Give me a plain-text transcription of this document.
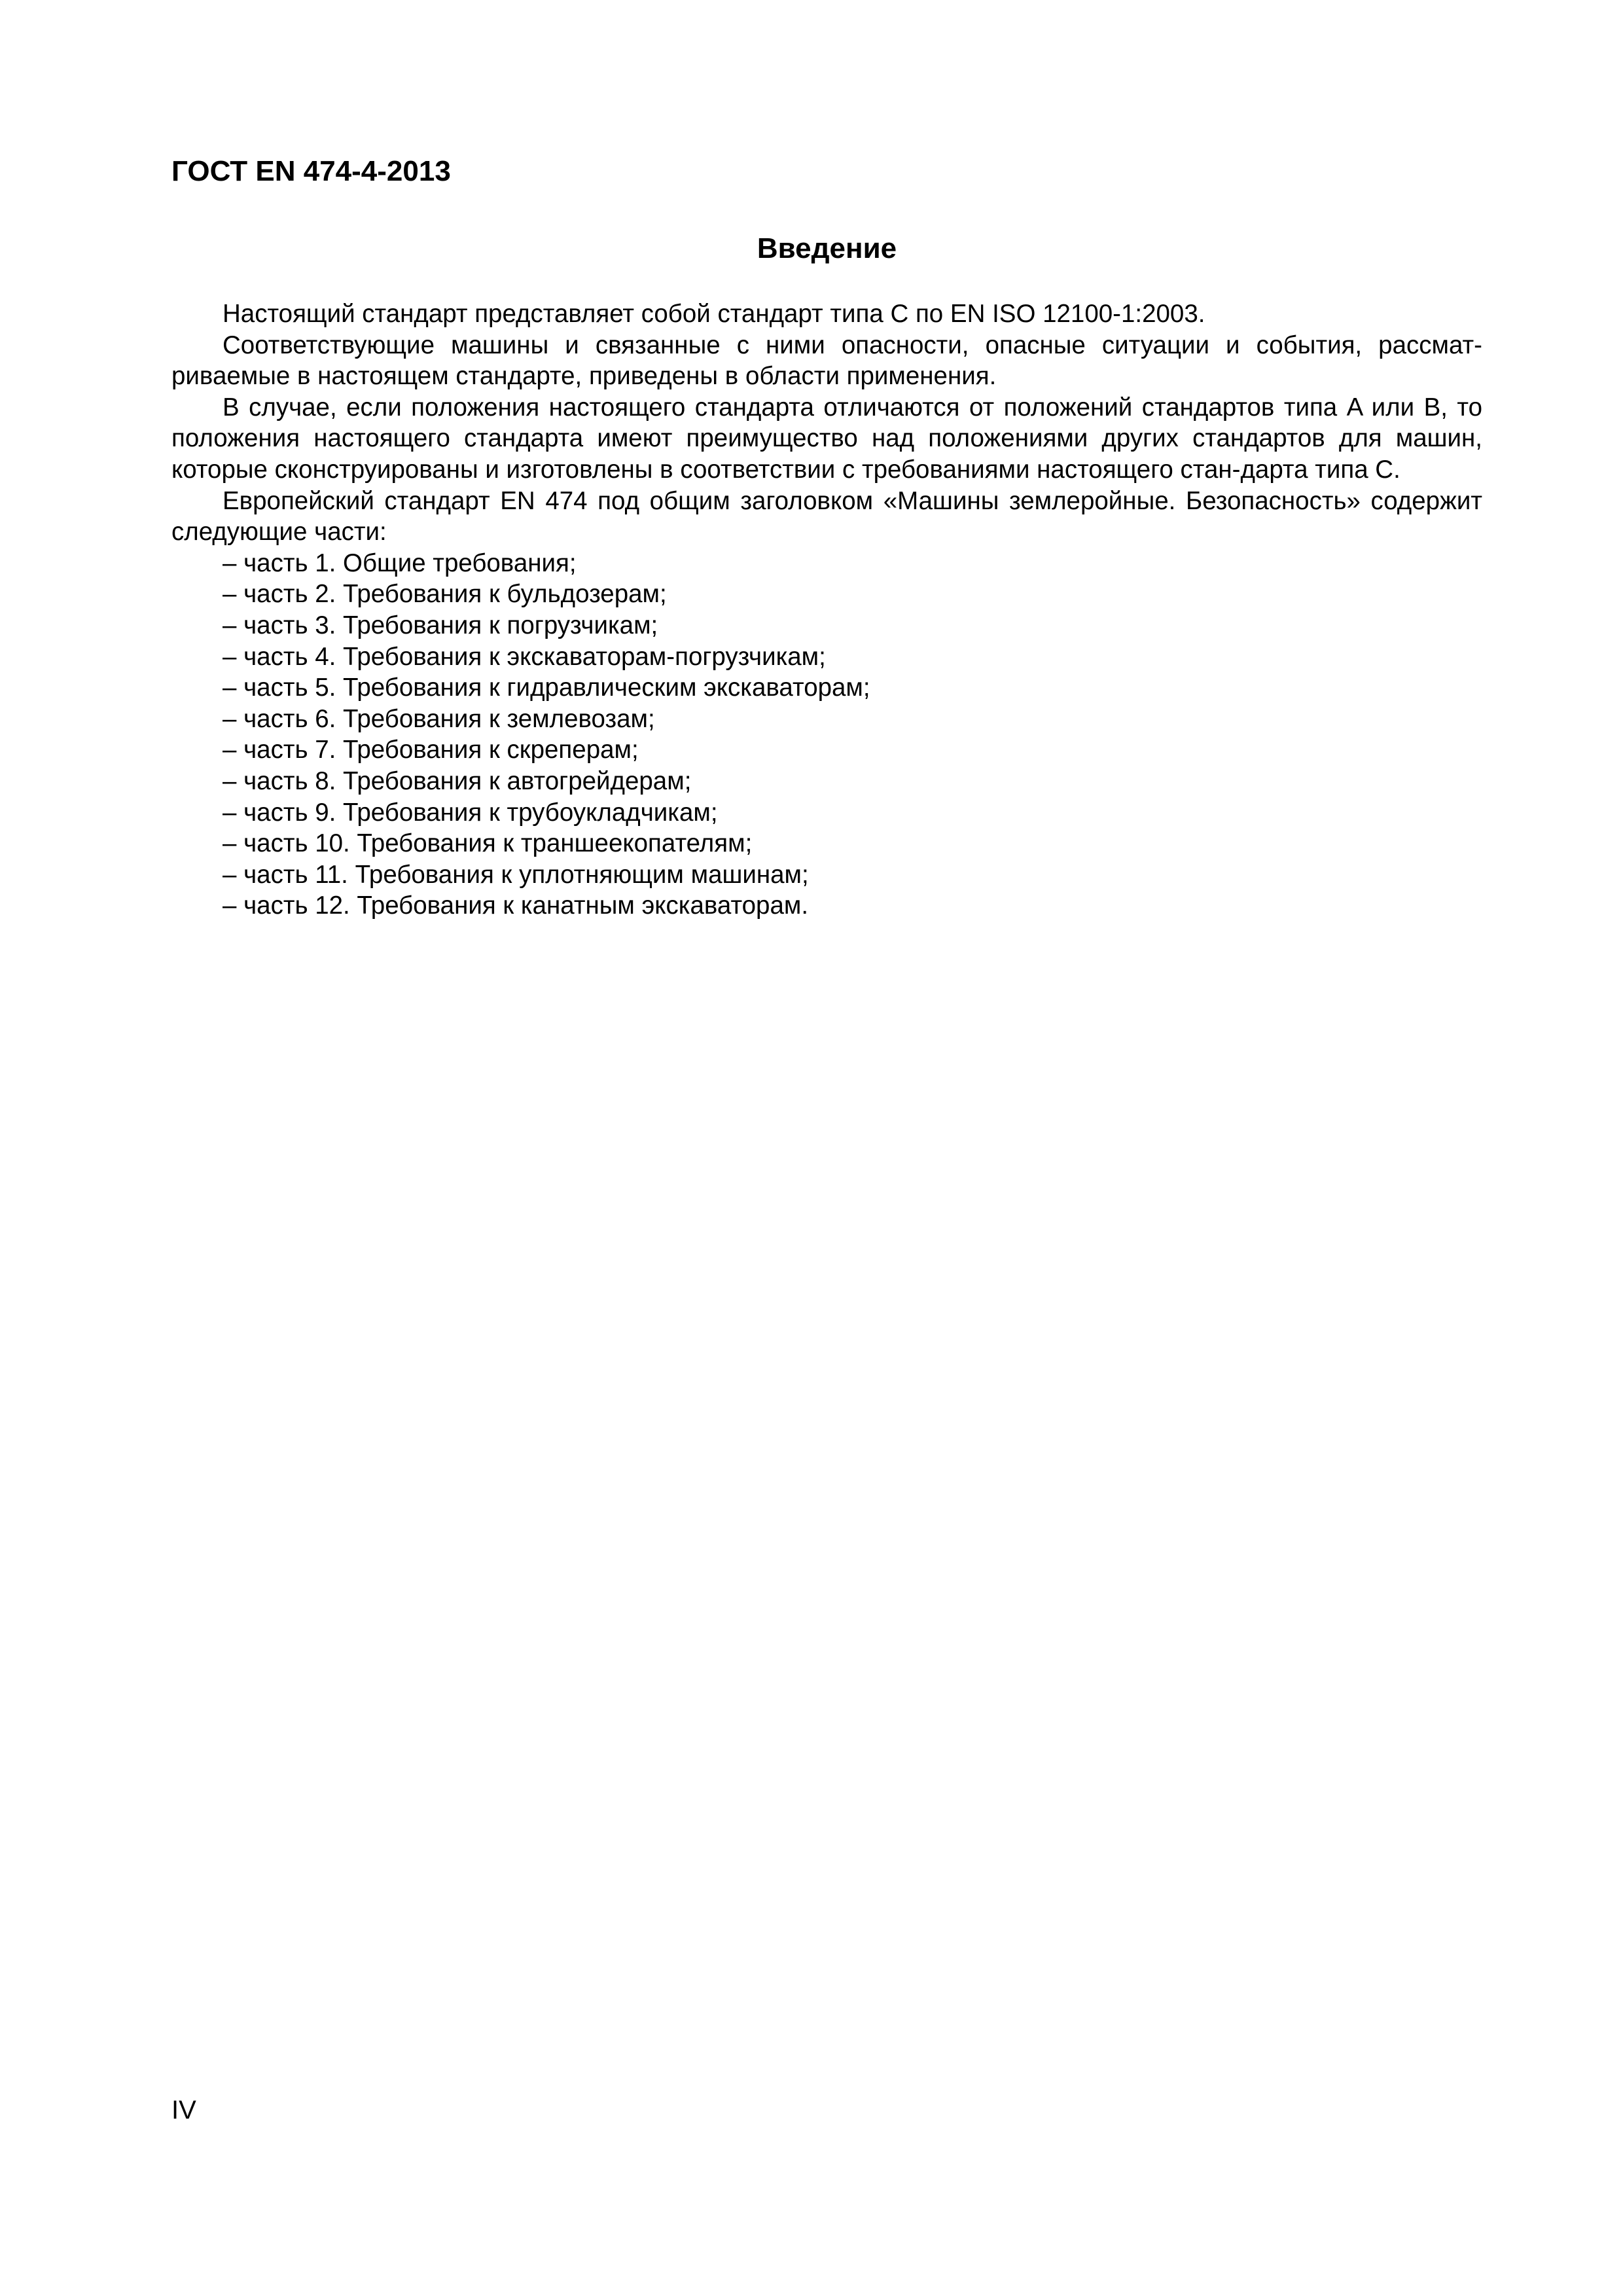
ГОСТ EN 474-4-2013
Введение

Настоящий стандарт представляет собой стандарт типа C по EN ISO 12100-1:2003.

Соответствующие машины и связанные с ними опасности, опасные ситуации и события, рассмат-риваемые в настоящем стандарте, приведены в области применения.

В случае, если положения настоящего стандарта отличаются от положений стандартов типа A или B, то положения настоящего стандарта имеют преимущество над положениями других стандартов для машин, которые сконструированы и изготовлены в соответствии с требованиями настоящего стан-дарта типа C.

Европейский стандарт EN 474 под общим заголовком «Машины землеройные. Безопасность» содержит следующие части:

– часть 1. Общие требования;
– часть 2. Требования к бульдозерам;
– часть 3. Требования к погрузчикам;
– часть 4. Требования к экскаваторам-погрузчикам;
– часть 5. Требования к гидравлическим экскаваторам;
– часть 6. Требования к землевозам;
– часть 7. Требования к скреперам;
– часть 8. Требования к автогрейдерам;
– часть 9. Требования к трубоукладчикам;
– часть 10. Требования к траншеекопателям;
– часть 11. Требования к уплотняющим машинам;
– часть 12. Требования к канатным экскаваторам.
IV
